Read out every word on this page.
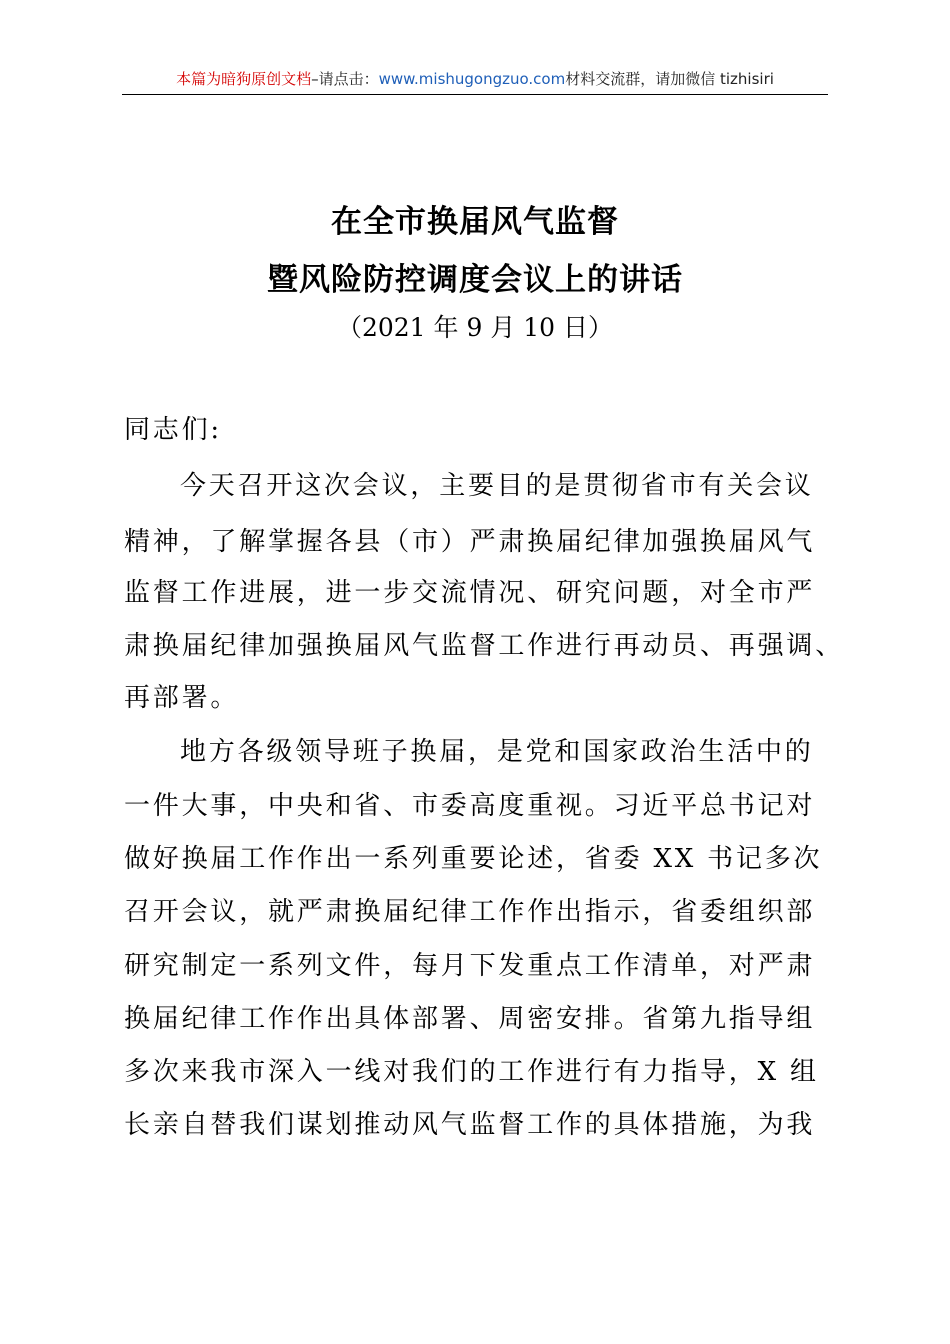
本篇为暗狗原创文档–请点击：www.mishugongzuo.com材料交流群，请加微信 tizhisiri
在全市换届风气监督
暨风险防控调度会议上的讲话
（2021 年 9 月 10 日）
同志们:
今天召开这次会议，主要目的是贯彻省市有关会议
精神，了解掌握各县（市）严肃换届纪律加强换届风气
监督工作进展，进一步交流情况、研究问题，对全市严
肃换届纪律加强换届风气监督工作进行再动员、再强调、
再部署。
地方各级领导班子换届，是党和国家政治生活中的
一件大事，中央和省、市委高度重视。习近平总书记对
做好换届工作作出一系列重要论述，省委 XX 书记多次
召开会议，就严肃换届纪律工作作出指示，省委组织部
研究制定一系列文件，每月下发重点工作清单，对严肃
换届纪律工作作出具体部署、周密安排。省第九指导组
多次来我市深入一线对我们的工作进行有力指导，X 组
长亲自替我们谋划推动风气监督工作的具体措施，为我
